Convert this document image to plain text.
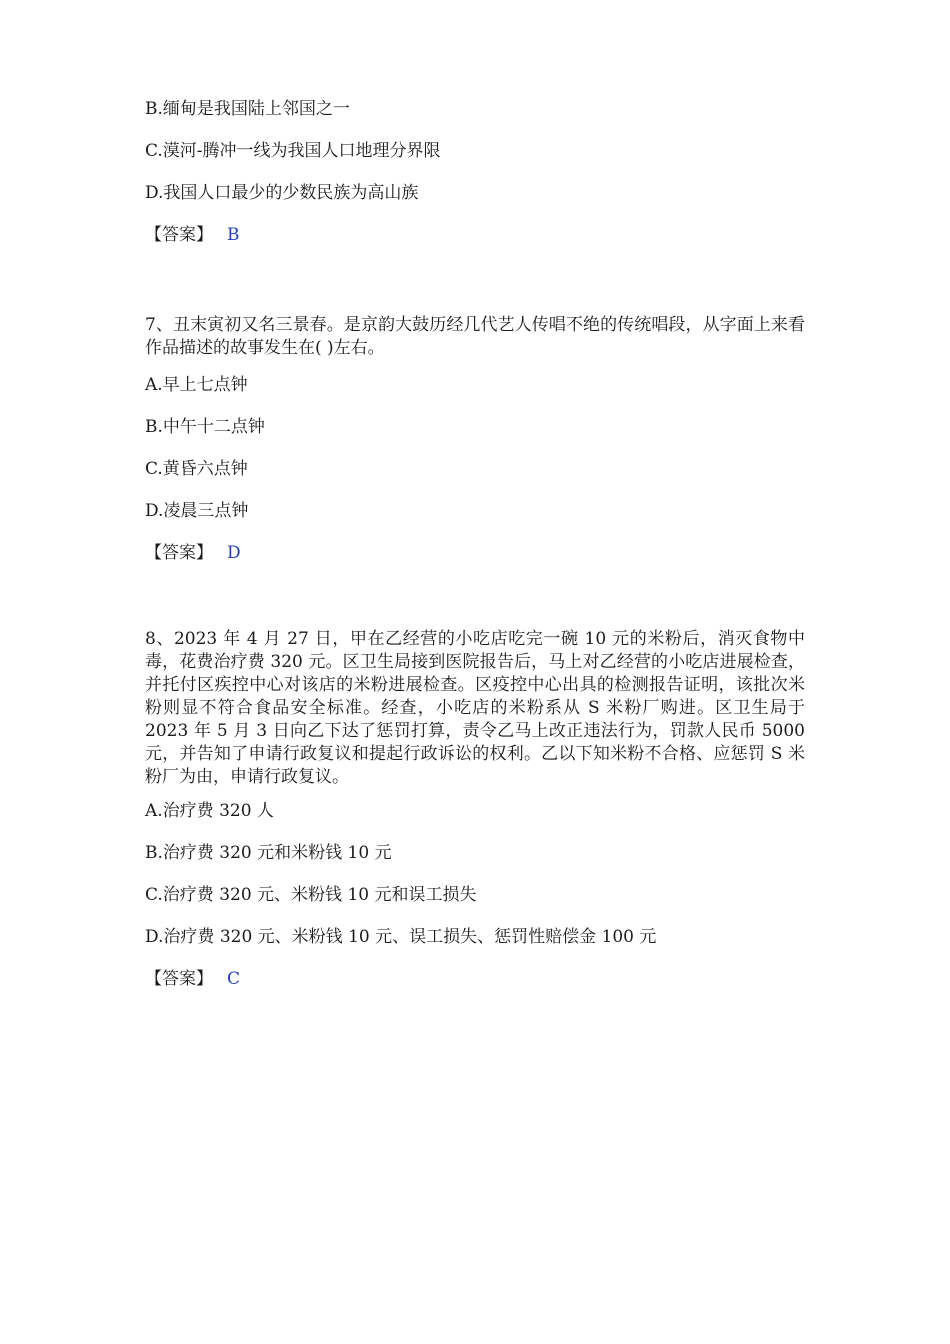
B.缅甸是我国陆上邻国之一
C.漠河-腾冲一线为我国人口地理分界限
D.我国人口最少的少数民族为高山族
【答案】 B
7、丑末寅初又名三景春。是京韵大鼓历经几代艺人传唱不绝的传统唱段，从字面上来看作品描述的故事发生在( )左右。
A.早上七点钟
B.中午十二点钟
C.黄昏六点钟
D.凌晨三点钟
【答案】 D
8、2023 年 4 月 27 日，甲在乙经营的小吃店吃完一碗 10 元的米粉后，消灭食物中毒，花费治疗费 320 元。区卫生局接到医院报告后，马上对乙经营的小吃店进展检查，并托付区疾控中心对该店的米粉进展检查。区疫控中心出具的检测报告证明，该批次米粉则显不符合食品安全标准。经查，小吃店的米粉系从 S 米粉厂购进。区卫生局于 2023 年 5 月 3 日向乙下达了惩罚打算，责令乙马上改正违法行为，罚款人民币 5000 元，并告知了申请行政复议和提起行政诉讼的权利。乙以下知米粉不合格、应惩罚 S 米粉厂为由，申请行政复议。
A.治疗费 320 人
B.治疗费 320 元和米粉钱 10 元
C.治疗费 320 元、米粉钱 10 元和误工损失
D.治疗费 320 元、米粉钱 10 元、误工损失、惩罚性赔偿金 100 元
【答案】 C
